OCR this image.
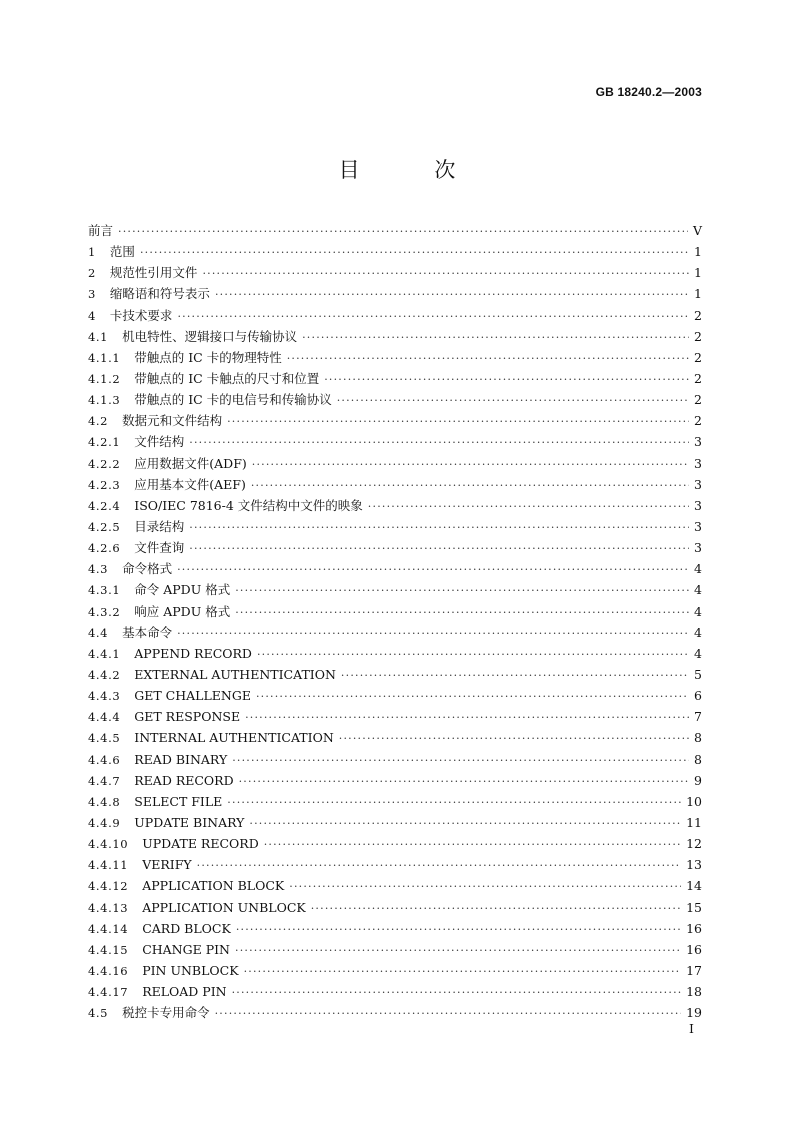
GB 18240.2—2003
目 次
前言 ·····	V
1 范围 ·····	1
2 规范性引用文件 ·····	1
3 缩略语和符号表示 ·····	1
4 卡技术要求 ·····	2
4.1 机电特性、逻辑接口与传输协议 ·····	2
4.1.1 带触点的 IC 卡的物理特性 ·····	2
4.1.2 带触点的 IC 卡触点的尺寸和位置 ·····	2
4.1.3 带触点的 IC 卡的电信号和传输协议 ·····	2
4.2 数据元和文件结构 ·····	2
4.2.1 文件结构 ·····	3
4.2.2 应用数据文件(ADF) ·····	3
4.2.3 应用基本文件(AEF) ·····	3
4.2.4 ISO/IEC 7816-4 文件结构中文件的映象 ·····	3
4.2.5 目录结构 ·····	3
4.2.6 文件查询 ·····	3
4.3 命令格式 ·····	4
4.3.1 命令 APDU 格式 ·····	4
4.3.2 响应 APDU 格式 ·····	4
4.4 基本命令 ·····	4
4.4.1 APPEND RECORD ·····	4
4.4.2 EXTERNAL AUTHENTICATION ·····	5
4.4.3 GET CHALLENGE ·····	6
4.4.4 GET RESPONSE ·····	7
4.4.5 INTERNAL AUTHENTICATION ·····	8
4.4.6 READ BINARY ·····	8
4.4.7 READ RECORD ·····	9
4.4.8 SELECT FILE ·····	10
4.4.9 UPDATE BINARY ·····	11
4.4.10 UPDATE RECORD ·····	12
4.4.11 VERIFY ·····	13
4.4.12 APPLICATION BLOCK ·····	14
4.4.13 APPLICATION UNBLOCK ·····	15
4.4.14 CARD BLOCK ·····	16
4.4.15 CHANGE PIN ·····	16
4.4.16 PIN UNBLOCK ·····	17
4.4.17 RELOAD PIN ·····	18
4.5 税控卡专用命令 ·····	19
I
